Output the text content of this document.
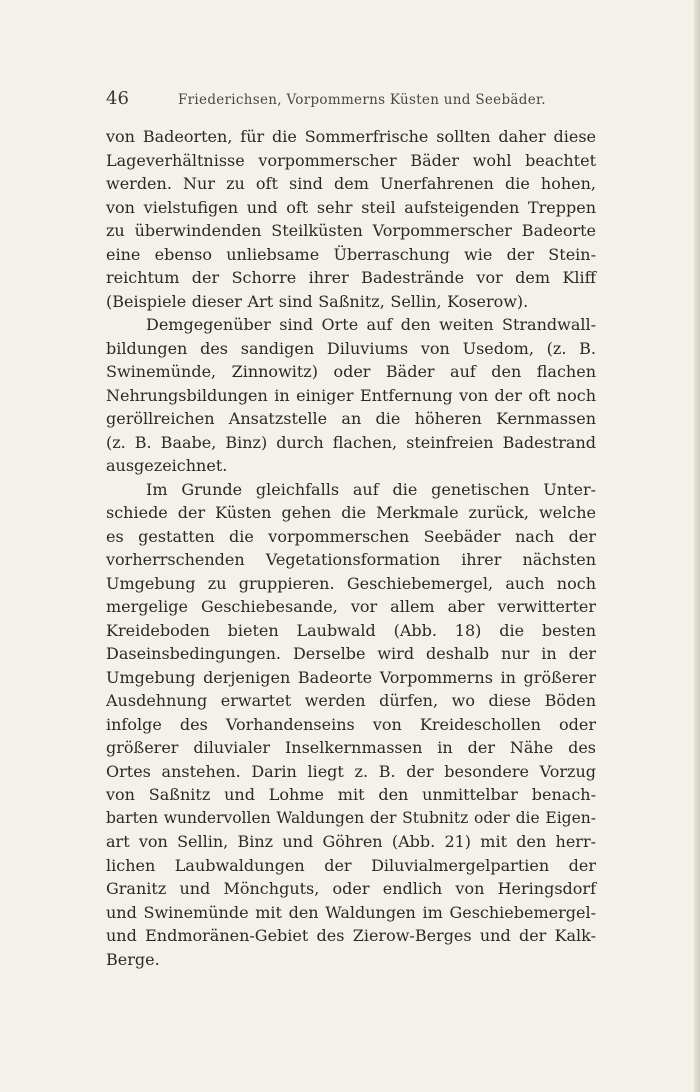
46	Friederichsen, Vorpommerns Küsten und Seebäder.
von Badeorten, für die Sommerfrische sollten daher diese
Lageverhältnisse vorpommerscher Bäder wohl beachtet
werden. Nur zu oft sind dem Unerfahrenen die hohen,
von vielstufigen und oft sehr steil aufsteigenden Treppen
zu überwindenden Steilküsten Vorpommerscher Badeorte
eine ebenso unliebsame Überraschung wie der Stein-
reichtum der Schorre ihrer Badestrände vor dem Kliff
(Beispiele dieser Art sind Saßnitz, Sellin, Koserow).
Demgegenüber sind Orte auf den weiten Strandwall-
bildungen des sandigen Diluviums von Usedom, (z. B.
Swinemünde, Zinnowitz) oder Bäder auf den flachen
Nehrungsbildungen in einiger Entfernung von der oft noch
geröllreichen Ansatzstelle an die höheren Kernmassen
(z. B. Baabe, Binz) durch flachen, steinfreien Badestrand
ausgezeichnet.
Im Grunde gleichfalls auf die genetischen Unter-
schiede der Küsten gehen die Merkmale zurück, welche
es gestatten die vorpommerschen Seebäder nach der
vorherrschenden Vegetationsformation ihrer nächsten
Umgebung zu gruppieren. Geschiebemergel, auch noch
mergelige Geschiebesande, vor allem aber verwitterter
Kreideboden bieten Laubwald (Abb. 18) die besten
Daseinsbedingungen. Derselbe wird deshalb nur in der
Umgebung derjenigen Badeorte Vorpommerns in größerer
Ausdehnung erwartet werden dürfen, wo diese Böden
infolge des Vorhandenseins von Kreideschollen oder
größerer diluvialer Inselkernmassen in der Nähe des
Ortes anstehen. Darin liegt z. B. der besondere Vorzug
von Saßnitz und Lohme mit den unmittelbar benach-
barten wundervollen Waldungen der Stubnitz oder die Eigen-
art von Sellin, Binz und Göhren (Abb. 21) mit den herr-
lichen Laubwaldungen der Diluvialmergelpartien der
Granitz und Mönchguts, oder endlich von Heringsdorf
und Swinemünde mit den Waldungen im Geschiebemergel-
und Endmoränen-Gebiet des Zierow-Berges und der Kalk-
Berge.
